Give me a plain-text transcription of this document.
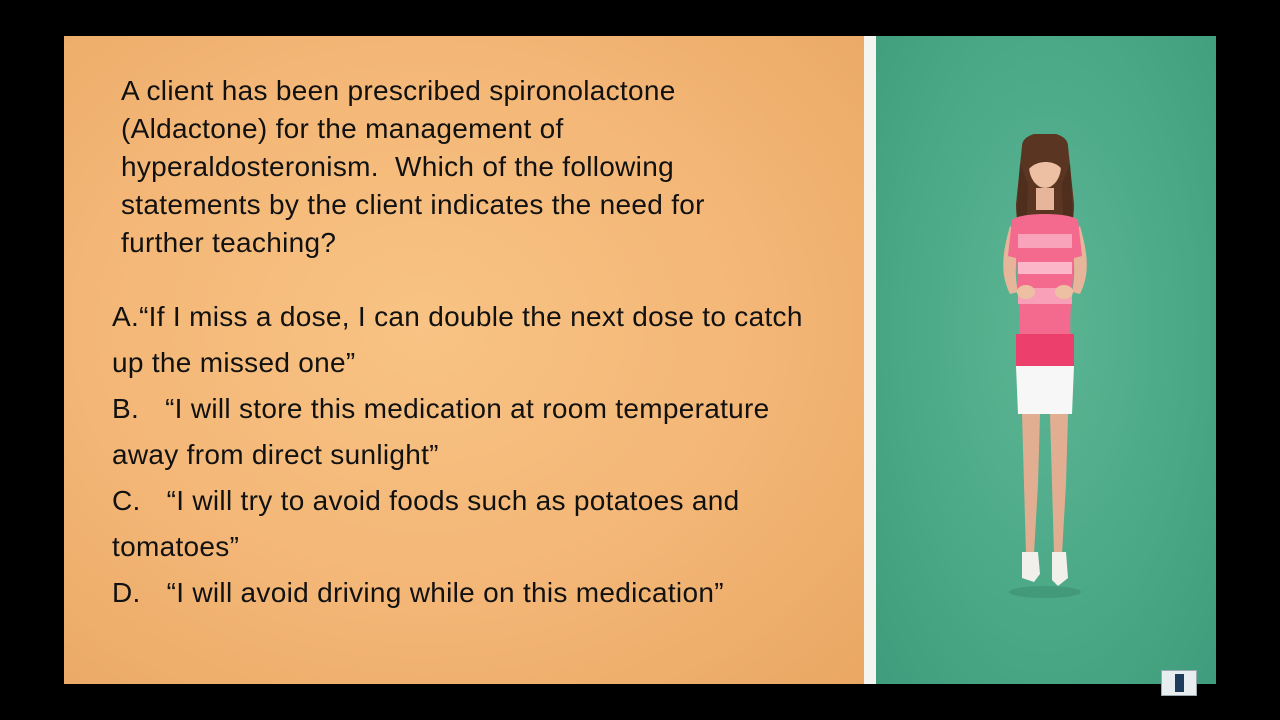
A client has been prescribed spironolactone
(Aldactone) for the management of
hyperaldosteronism.  Which of the following
statements by the client indicates the need for
further teaching?

A.“If I miss a dose, I can double the next dose to catch up the missed one”
B. “I will store this medication at room temperature away from direct sunlight”
C. “I will try to avoid foods such as potatoes and tomatoes”
D. “I will avoid driving while on this medication”
